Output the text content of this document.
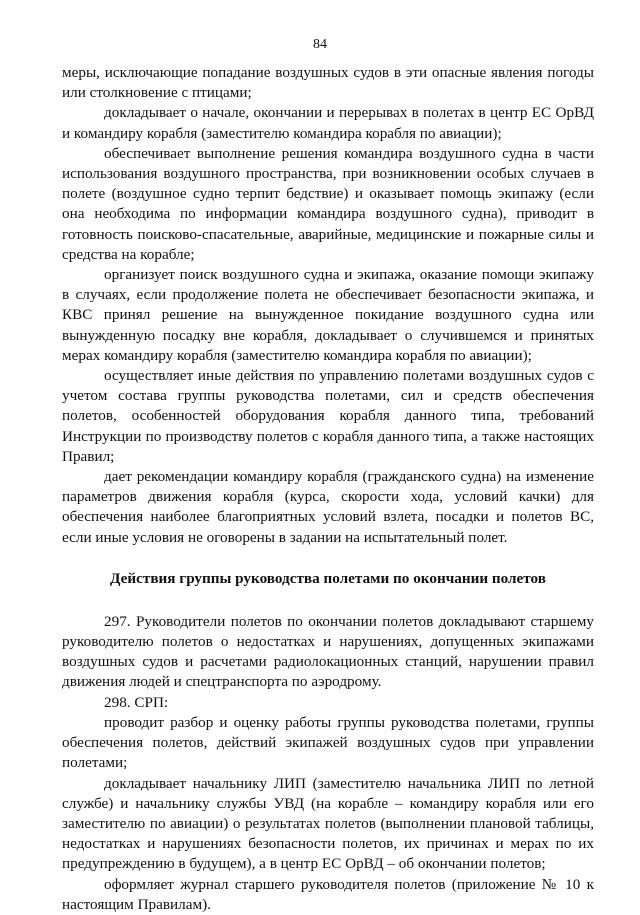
84

меры, исключающие попадание воздушных судов в эти опасные явления погоды или столкновение с птицами;

докладывает о начале, окончании и перерывах в полетах в центр ЕС ОрВД и командиру корабля (заместителю командира корабля по авиации);

обеспечивает выполнение решения командира воздушного судна в части использования воздушного пространства, при возникновении особых случаев в полете (воздушное судно терпит бедствие) и оказывает помощь экипажу (если она необходима по информации командира воздушного судна), приводит в готовность поисково-спасательные, аварийные, медицинские и пожарные силы и средства на корабле;

организует поиск воздушного судна и экипажа, оказание помощи экипажу в случаях, если продолжение полета не обеспечивает безопасности экипажа, и КВС принял решение на вынужденное покидание воздушного судна или вынужденную посадку вне корабля, докладывает о случившемся и принятых мерах командиру корабля (заместителю командира корабля по авиации);

осуществляет иные действия по управлению полетами воздушных судов с учетом состава группы руководства полетами, сил и средств обеспечения полетов, особенностей оборудования корабля данного типа, требований Инструкции по производству полетов с корабля данного типа, а также настоящих Правил;

дает рекомендации командиру корабля (гражданского судна) на изменение параметров движения корабля (курса, скорости хода, условий качки) для обеспечения наиболее благоприятных условий взлета, посадки и полетов ВС, если иные условия не оговорены в задании на испытательный полет.

Действия группы руководства полетами по окончании полетов

297. Руководители полетов по окончании полетов докладывают старшему руководителю полетов о недостатках и нарушениях, допущенных экипажами воздушных судов и расчетами радиолокационных станций, нарушении правил движения людей и спецтранспорта по аэродрому.

298. СРП:

проводит разбор и оценку работы группы руководства полетами, группы обеспечения полетов, действий экипажей воздушных судов при управлении полетами;

докладывает начальнику ЛИП (заместителю начальника ЛИП по летной службе) и начальнику службы УВД (на корабле – командиру корабля или его заместителю по авиации) о результатах полетов (выполнении плановой таблицы, недостатках и нарушениях безопасности полетов, их причинах и мерах по их предупреждению в будущем), а в центр ЕС ОрВД – об окончании полетов;

оформляет журнал старшего руководителя полетов (приложение № 10 к настоящим Правилам).
